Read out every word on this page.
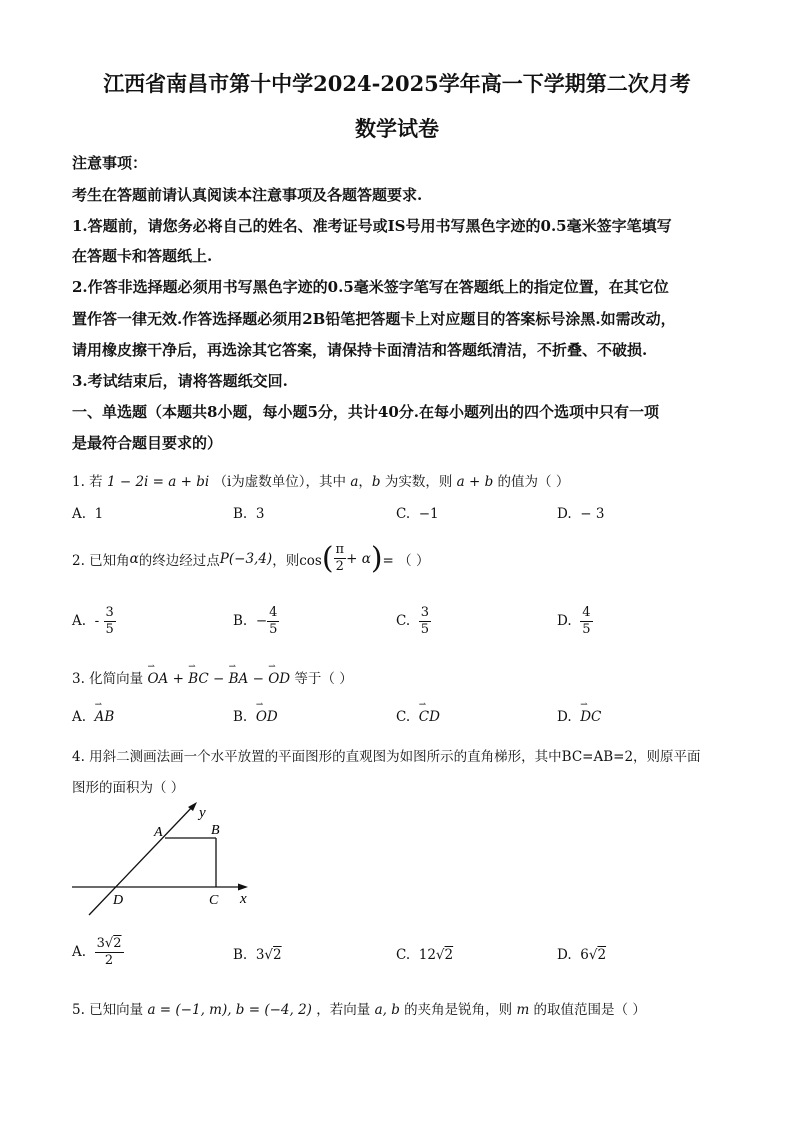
江西省南昌市第十中学2024-2025学年高一下学期第二次月考
数学试卷
注意事项：
考生在答题前请认真阅读本注意事项及各题答题要求.
1.答题前，请您务必将自己的姓名、准考证号或IS号用书写黑色字迹的0.5毫米签字笔填写
在答题卡和答题纸上.
2.作答非选择题必须用书写黑色字迹的0.5毫米签字笔写在答题纸上的指定位置，在其它位
置作答一律无效.作答选择题必须用2B铅笔把答题卡上对应题目的答案标号涂黑.如需改动，
请用橡皮擦干净后，再选涂其它答案，请保持卡面清洁和答题纸清洁，不折叠、不破损.
3.考试结束后，请将答题纸交回.
一、单选题（本题共8小题，每小题5分，共计40分.在每小题列出的四个选项中只有一项
是最符合题目要求的）
1. 若 1 − 2i = a + bi （i为虚数单位），其中 a，b 为实数，则 a + b 的值为（ ）
A. 1	B. 3	C. −1	D. − 3
2. 已知角 α 的终边经过点 P(−3,4) ，则cos ( $\frac{\pi}{2} + \alpha$ ) = （ ）
A.
-
$\frac{3}{5}$	B.
− $\frac{4}{5}$	C.
$\frac{3}{5}$	D.
$\frac{4}{5}$
3. 化简向量 ⇀ OA + ⇀ BC − ⇀ BA − ⇀ OD 等于（ ）
A. ⇀ AB	B. ⇀ OD	C. ⇀ CD	D. ⇀ DC
4. 用斜二测画法画一个水平放置的平面图形的直观图为如图所示的直角梯形，其中BC=AB=2，则原平面
图形的面积为（ ）
y
x
A	B
C
D
A.
$\frac{3√2}{2}$	B. 3√2	C. 12√2	D. 6√2
5. 已知向量 a = (−1, m), b = (−4, 2) ，若向量 a, b 的夹角是锐角，则 m 的取值范围是（ ）
